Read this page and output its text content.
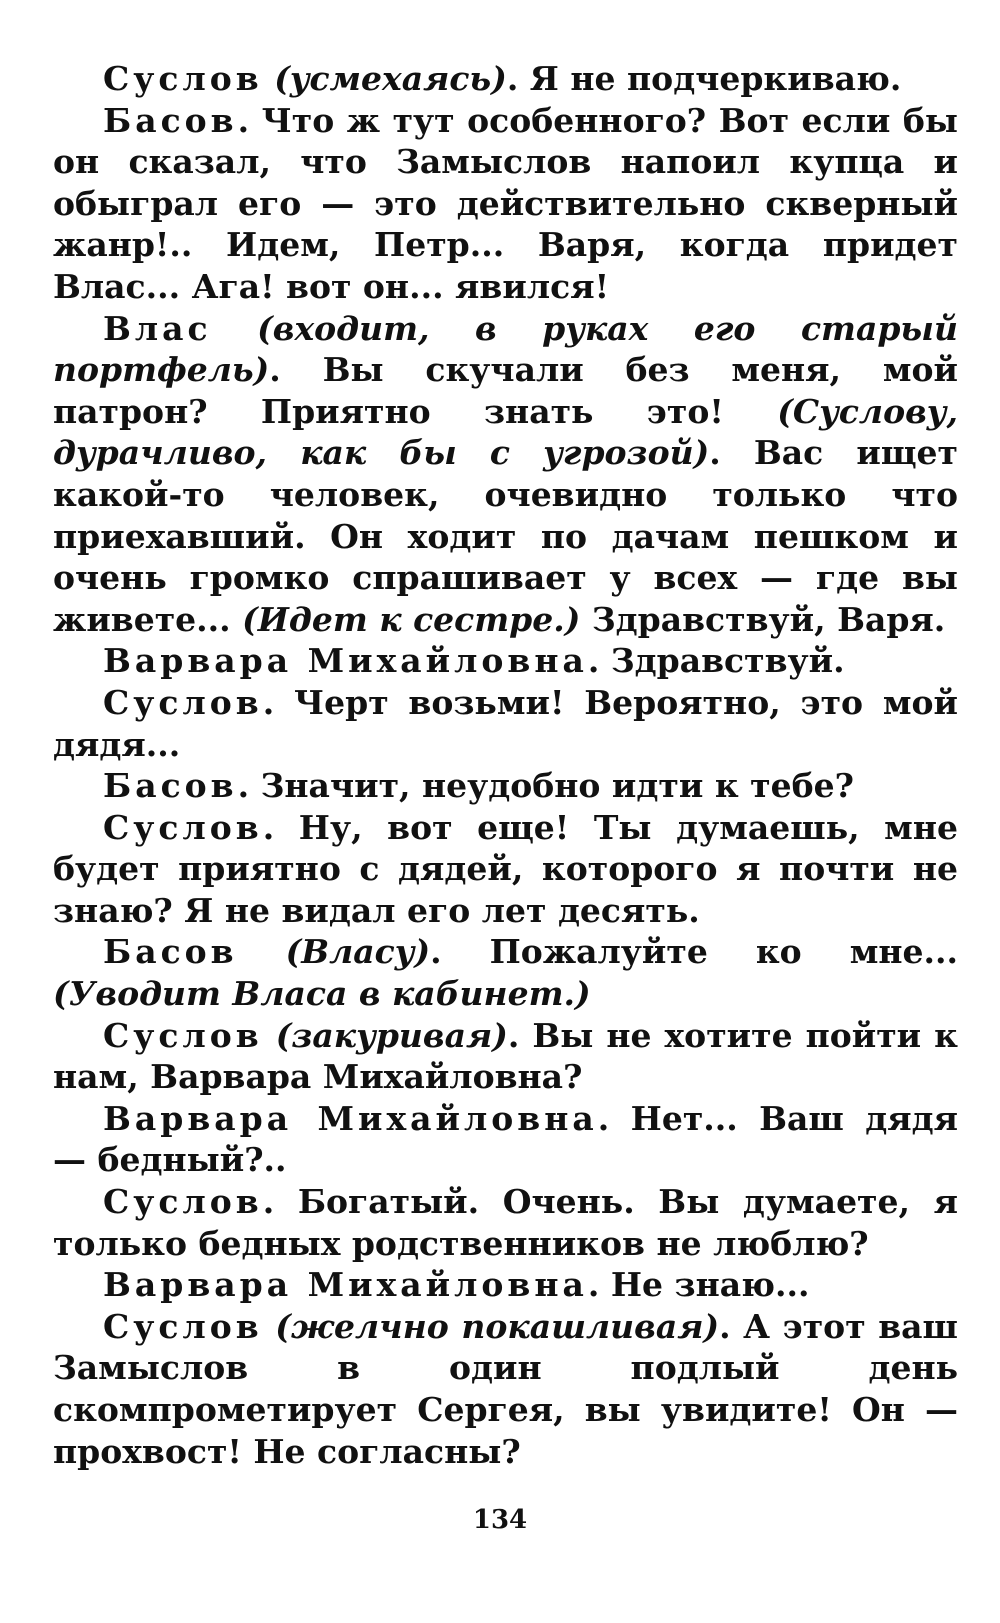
Суслов (усмехаясь). Я не подчеркиваю.

Басов. Что ж тут особенного? Вот если бы он сказал, что Замыслов напоил купца и обыгрaл его — это действительно скверный жанр!.. Идем, Петр... Варя, когда придет Влас... Ага! вот он... явился!

Влас (входит, в руках его старый портфель). Вы скучали без меня, мой патрон? Приятно знать это! (Суслову, дурачливо, как бы с угрозой). Вас ищет какой-то человек, очевидно только что приехавший. Он ходит по дачам пешком и очень громко спрашивает у всех — где вы живете... (Идет к сестре.) Здравствуй, Варя.

Варвара Михайловна. Здравствуй.

Суслов. Черт возьми! Вероятно, это мой дядя...

Басов. Значит, неудобно идти к тебе?

Суслов. Ну, вот еще! Ты думаешь, мне будет приятно с дядей, которого я почти не знаю? Я не видал его лет десять.

Басов (Власу). Пожалуйте ко мне... (Уводит Власа в кабинет.)

Суслов (закуривая). Вы не хотите пойти к нам, Варвара Михайловна?

Варвара Михайловна. Нет... Ваш дядя — бедный?..

Суслов. Богатый. Очень. Вы думаете, я только бедных родственников не люблю?

Варвара Михайловна. Не знаю...

Суслов (желчно покашливая). А этот ваш Замыслов в один подлый день скомпрометирует Сергея, вы увидите! Он — прохвост! Не согласны?

134
